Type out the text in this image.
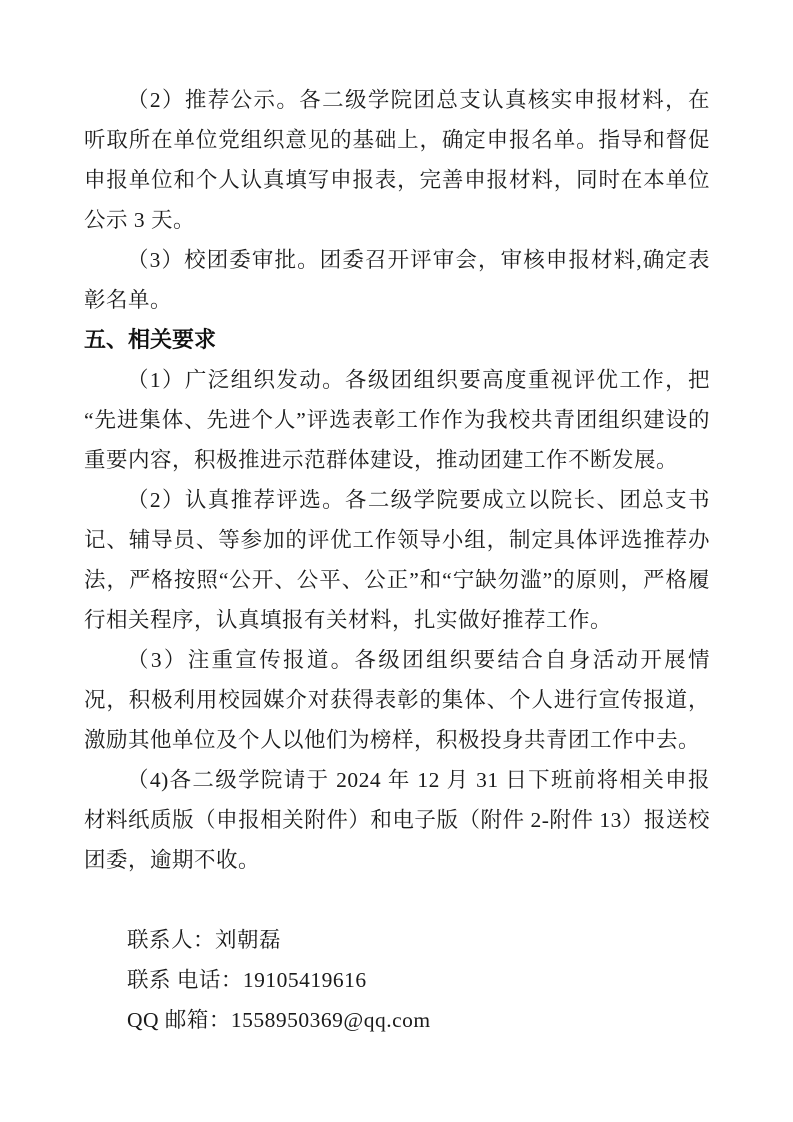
（2）推荐公示。各二级学院团总支认真核实申报材料，在听取所在单位党组织意见的基础上，确定申报名单。指导和督促申报单位和个人认真填写申报表，完善申报材料，同时在本单位公示 3 天。

（3）校团委审批。团委召开评审会，审核申报材料,确定表彰名单。

五、相关要求

（1）广泛组织发动。各级团组织要高度重视评优工作，把“先进集体、先进个人”评选表彰工作作为我校共青团组织建设的重要内容，积极推进示范群体建设，推动团建工作不断发展。

（2）认真推荐评选。各二级学院要成立以院长、团总支书记、辅导员、等参加的评优工作领导小组，制定具体评选推荐办法，严格按照“公开、公平、公正”和“宁缺勿滥”的原则，严格履行相关程序，认真填报有关材料，扎实做好推荐工作。

（3）注重宣传报道。各级团组织要结合自身活动开展情况，积极利用校园媒介对获得表彰的集体、个人进行宣传报道，激励其他单位及个人以他们为榜样，积极投身共青团工作中去。

（4)各二级学院请于 2024 年 12 月 31 日下班前将相关申报材料纸质版（申报相关附件）和电子版（附件 2-附件 13）报送校团委，逾期不收。

联系人：刘朝磊

联系 电话：19105419616

QQ 邮箱：1558950369@qq.com
